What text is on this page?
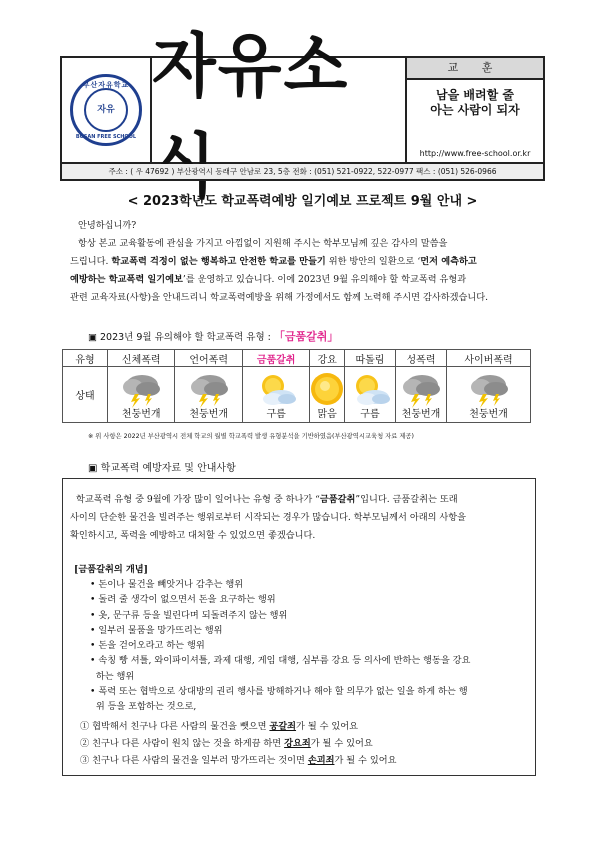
부산자유학교
자유
BUSAN FREE SCHOOL
자유소	교 훈
남을 배려할 줄
아는 사람이 되자
http://www.free-school.or.kr
주소 : ( 우 47692 ) 부산광역시 동래구 안남로 23, 5층 전화 : (051) 521-0922, 522-0977 팩스 : (051) 526-0966
< 2023학년도 학교폭력예방 일기예보 프로젝트 9월 안내 >
안녕하십니까?
항상 본교 교육활동에 관심을 가지고 아낌없이 지원해 주시는 학부모님께 깊은 감사의 말씀을
드립니다. 학교폭력 걱정이 없는 행복하고 안전한 학교를 만들기 위한 방안의 일환으로 ‘먼저 예측하고
예방하는 학교폭력 일기예보’를 운영하고 있습니다. 이에 2023년 9월 유의해야 할 학교폭력 유형과
관련 교육자료(사항)을 안내드리니 학교폭력예방을 위해 가정에서도 함께 노력해 주시면 감사하겠습니다.
▣ 2023년 9월 유의해야 할 학교폭력 유형 : 「금품갈취」
유형	신체폭력	언어폭력	금품갈취	강요	따돌림	성폭력	사이버폭력
상태	천둥번개	천둥번개	구름	맑음	구름	천둥번개	천둥번개
※ 위 사항은 2022년 부산광역시 전체 학교의 월별 학교폭력 발생 유형분석을 기반하였음(부산광역시교육청 자료 제공)
▣ 학교폭력 예방자료 및 안내사항
학교폭력 유형 중 9월에 가장 많이 일어나는 유형 중 하나가 “금품갈취”입니다. 금품갈취는 또래
사이의 단순한 물건을 빌려주는 행위로부터 시작되는 경우가 많습니다. 학부모님께서 아래의 사항을
확인하시고, 폭력을 예방하고 대처할 수 있었으면 좋겠습니다.
[금품갈취의 개념]
• 돈이나 물건을 빼앗거나 감추는 행위
• 돌려 줄 생각이 없으면서 돈을 요구하는 행위
• 옷, 문구류 등을 빌린다며 되돌려주지 않는 행위
• 일부러 물품을 망가뜨리는 행위
• 돈을 걷어오라고 하는 행위
• 속칭 빵 셔틀, 와이파이셔틀, 과제 대행, 게임 대행, 심부름 강요 등 의사에 반하는 행동을 강요
하는 행위
• 폭력 또는 협박으로 상대방의 권리 행사를 방해하거나 해야 할 의무가 없는 일을 하게 하는 행
위 등을 포함하는 것으로,
① 협박해서 친구나 다른 사람의 물건을 뺏으면 공갈죄가 될 수 있어요
② 친구나 다른 사람이 원치 않는 것을 하게끔 하면 강요죄가 될 수 있어요
③ 친구나 다른 사람의 물건을 일부러 망가뜨리는 것이면 손괴죄가 될 수 있어요
